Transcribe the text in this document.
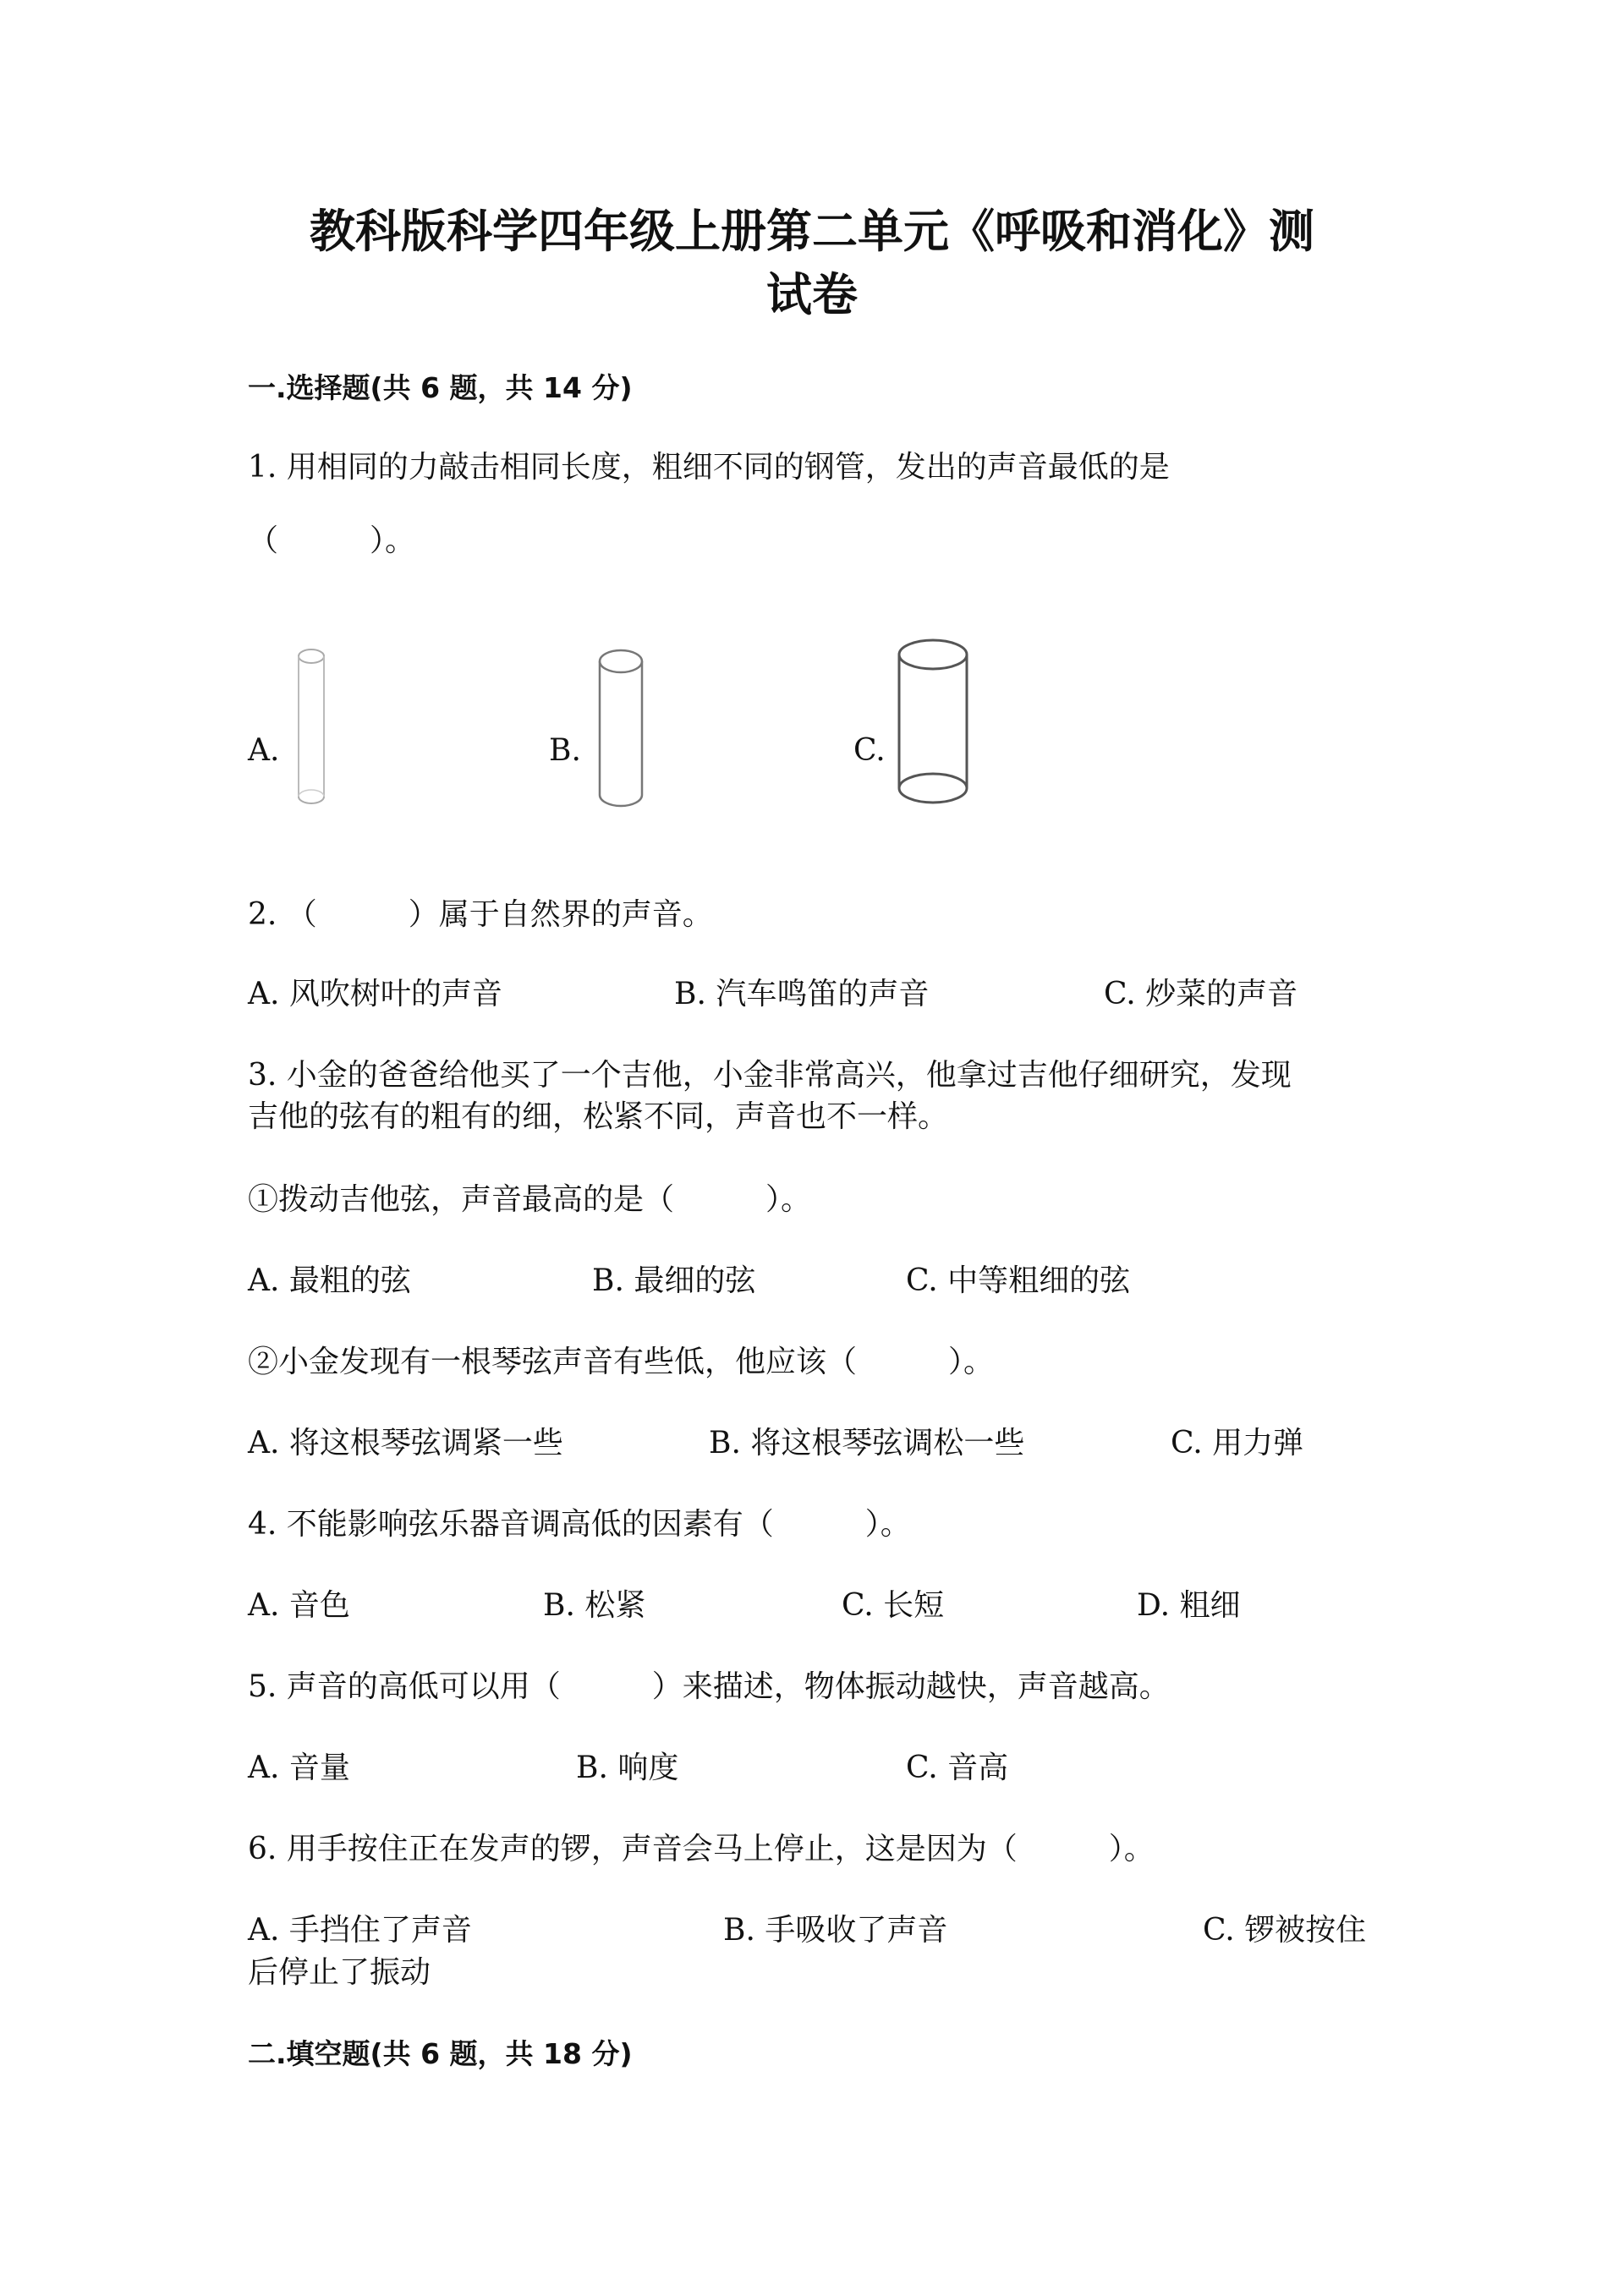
教科版科学四年级上册第二单元《呼吸和消化》测
试卷
一.选择题(共 6 题，共 14 分)
1. 用相同的力敲击相同长度，粗细不同的钢管，发出的声音最低的是
（　　　）。
A.	B.	C.
2. （　　　）属于自然界的声音。
A. 风吹树叶的声音	B. 汽车鸣笛的声音	C. 炒菜的声音
3. 小金的爸爸给他买了一个吉他，小金非常高兴，他拿过吉他仔细研究，发现
吉他的弦有的粗有的细，松紧不同，声音也不一样。
①拨动吉他弦，声音最高的是（　　　）。
A. 最粗的弦	B. 最细的弦	C. 中等粗细的弦
②小金发现有一根琴弦声音有些低，他应该（　　　）。
A. 将这根琴弦调紧一些	B. 将这根琴弦调松一些	C. 用力弹
4. 不能影响弦乐器音调高低的因素有（　　　）。
A. 音色	B. 松紧	C. 长短	D. 粗细
5. 声音的高低可以用（　　　）来描述，物体振动越快，声音越高。
A. 音量	B. 响度	C. 音高
6. 用手按住正在发声的锣，声音会马上停止，这是因为（　　　）。
A. 手挡住了声音	B. 手吸收了声音	C. 锣被按住
后停止了振动
二.填空题(共 6 题，共 18 分)
